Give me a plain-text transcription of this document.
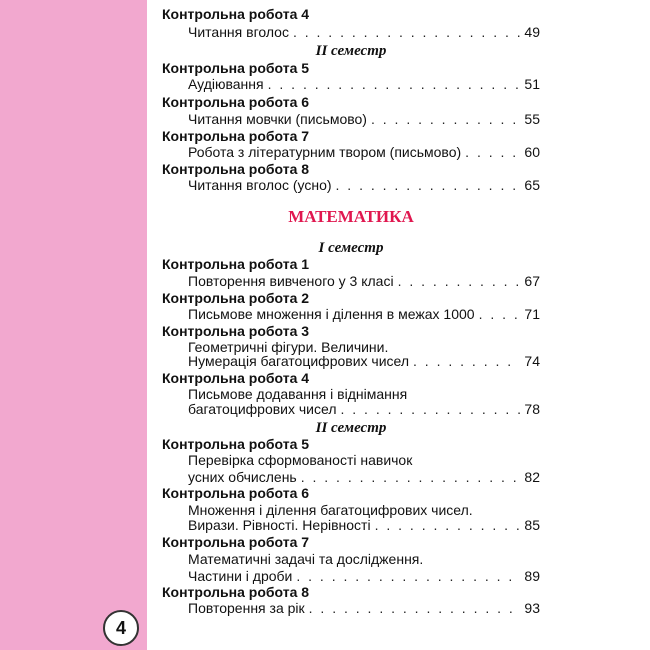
4
Контрольна робота 4
Читання вголос . . .	49
II семестр
Контрольна робота 5
Аудіювання . . .	51
Контрольна робота 6
Читання мовчки (письмово) . . .	55
Контрольна робота 7
Робота з літературним твором (письмово) . . .	60
Контрольна робота 8
Читання вголос (усно) . . .	65
МАТЕМАТИКА
I семестр
Контрольна робота 1
Повторення вивченого у 3 класі . . .	67
Контрольна робота 2
Письмове множення і ділення в межах 1000 . . .	71
Контрольна робота 3
Геометричні фігури. Величини.
Нумерація багатоцифрових чисел . . .	74
Контрольна робота 4
Письмове додавання і віднімання
багатоцифрових чисел . . .	78
II семестр
Контрольна робота 5
Перевірка сформованості навичок
усних обчислень . . .	82
Контрольна робота 6
Множення і ділення багатоцифрових чисел.
Вирази. Рівності. Нерівності . . .	85
Контрольна робота 7
Математичні задачі та дослідження.
Частини і дроби . . .	89
Контрольна робота 8
Повторення за рік . . .	93
